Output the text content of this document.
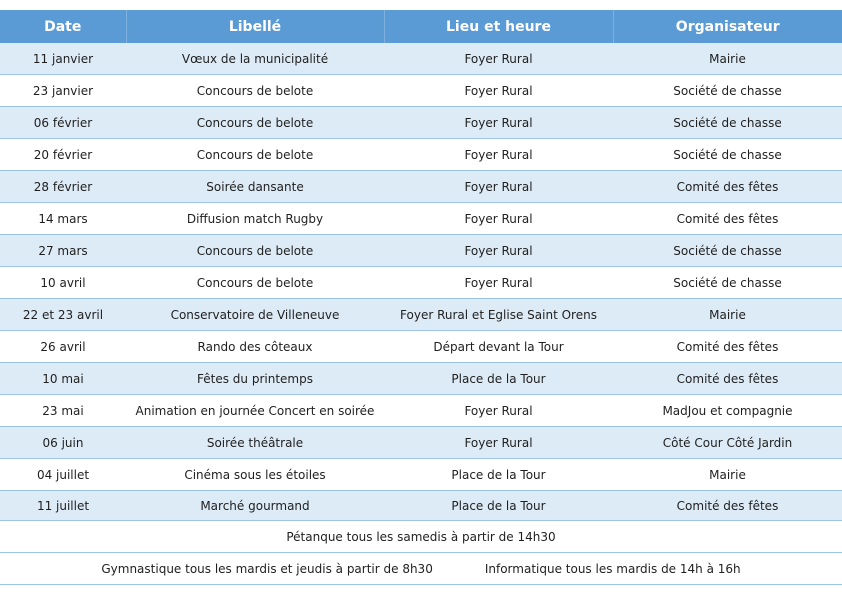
Date	Libellé	Lieu et heure	Organisateur
11 janvier	Vœux de la municipalité	Foyer Rural	Mairie
23 janvier	Concours de belote	Foyer Rural	Société de chasse
06 février	Concours de belote	Foyer Rural	Société de chasse
20 février	Concours de belote	Foyer Rural	Société de chasse
28 février	Soirée dansante	Foyer Rural	Comité des fêtes
14 mars	Diffusion match Rugby	Foyer Rural	Comité des fêtes
27 mars	Concours de belote	Foyer Rural	Société de chasse
10 avril	Concours de belote	Foyer Rural	Société de chasse
22 et 23 avril	Conservatoire de Villeneuve	Foyer Rural et Eglise Saint Orens	Mairie
26 avril	Rando des côteaux	Départ devant la Tour	Comité des fêtes
10 mai	Fêtes du printemps	Place de la Tour	Comité des fêtes
23 mai	Animation en journée Concert en soirée	Foyer Rural	MadJou et compagnie
06 juin	Soirée théâtrale	Foyer Rural	Côté Cour Côté Jardin
04 juillet	Cinéma sous les étoiles	Place de la Tour	Mairie
11 juillet	Marché gourmand	Place de la Tour	Comité des fêtes
Pétanque tous les samedis à partir de 14h30			

Gymnastique tous les mardis et jeudis à partir de 8h30 Informatique tous les mardis de 14h à 16h			
